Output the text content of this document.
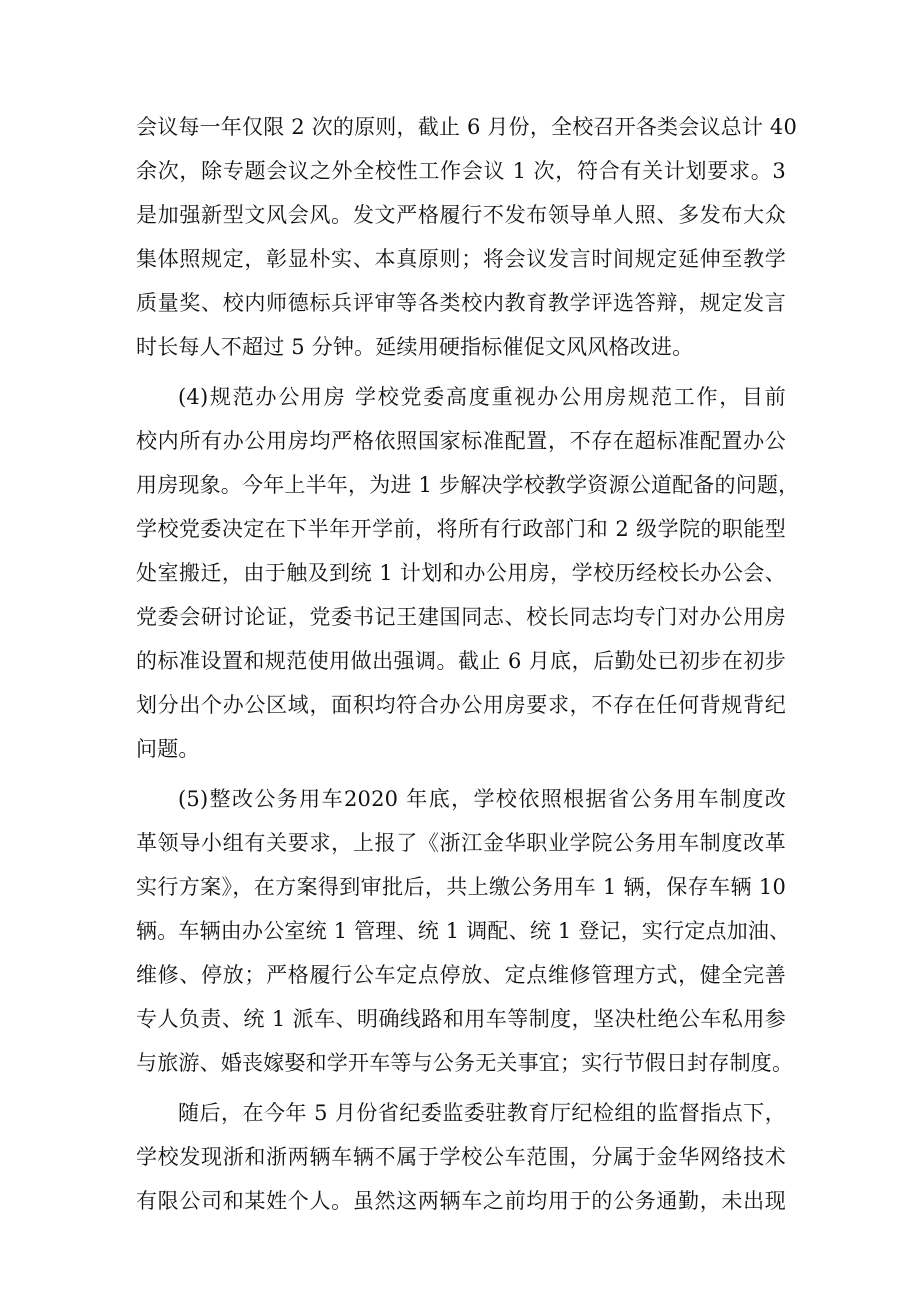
会议每一年仅限 2 次的原则，截止 6 月份，全校召开各类会议总计 40
余次，除专题会议之外全校性工作会议 1 次，符合有关计划要求。3
是加强新型文风会风。发文严格履行不发布领导单人照、多发布大众
集体照规定，彰显朴实、本真原则；将会议发言时间规定延伸至教学
质量奖、校内师德标兵评审等各类校内教育教学评选答辩，规定发言
时长每人不超过 5 分钟。延续用硬指标催促文风风格改进。
(4)规范办公用房 学校党委高度重视办公用房规范工作，目前
校内所有办公用房均严格依照国家标准配置，不存在超标准配置办公
用房现象。今年上半年，为进 1 步解决学校教学资源公道配备的问题，
学校党委决定在下半年开学前，将所有行政部门和 2 级学院的职能型
处室搬迁，由于触及到统 1 计划和办公用房，学校历经校长办公会、
党委会研讨论证，党委书记王建国同志、校长同志均专门对办公用房
的标准设置和规范使用做出强调。截止 6 月底，后勤处已初步在初步
划分出个办公区域，面积均符合办公用房要求，不存在任何背规背纪
问题。
(5)整改公务用车2020 年底，学校依照根据省公务用车制度改
革领导小组有关要求，上报了《浙江金华职业学院公务用车制度改革
实行方案》，在方案得到审批后，共上缴公务用车 1 辆，保存车辆 10
辆。车辆由办公室统 1 管理、统 1 调配、统 1 登记，实行定点加油、
维修、停放；严格履行公车定点停放、定点维修管理方式，健全完善
专人负责、统 1 派车、明确线路和用车等制度，坚决杜绝公车私用参
与旅游、婚丧嫁娶和学开车等与公务无关事宜；实行节假日封存制度。
随后，在今年 5 月份省纪委监委驻教育厅纪检组的监督指点下，
学校发现浙和浙两辆车辆不属于学校公车范围，分属于金华网络技术
有限公司和某姓个人。虽然这两辆车之前均用于的公务通勤，未出现
